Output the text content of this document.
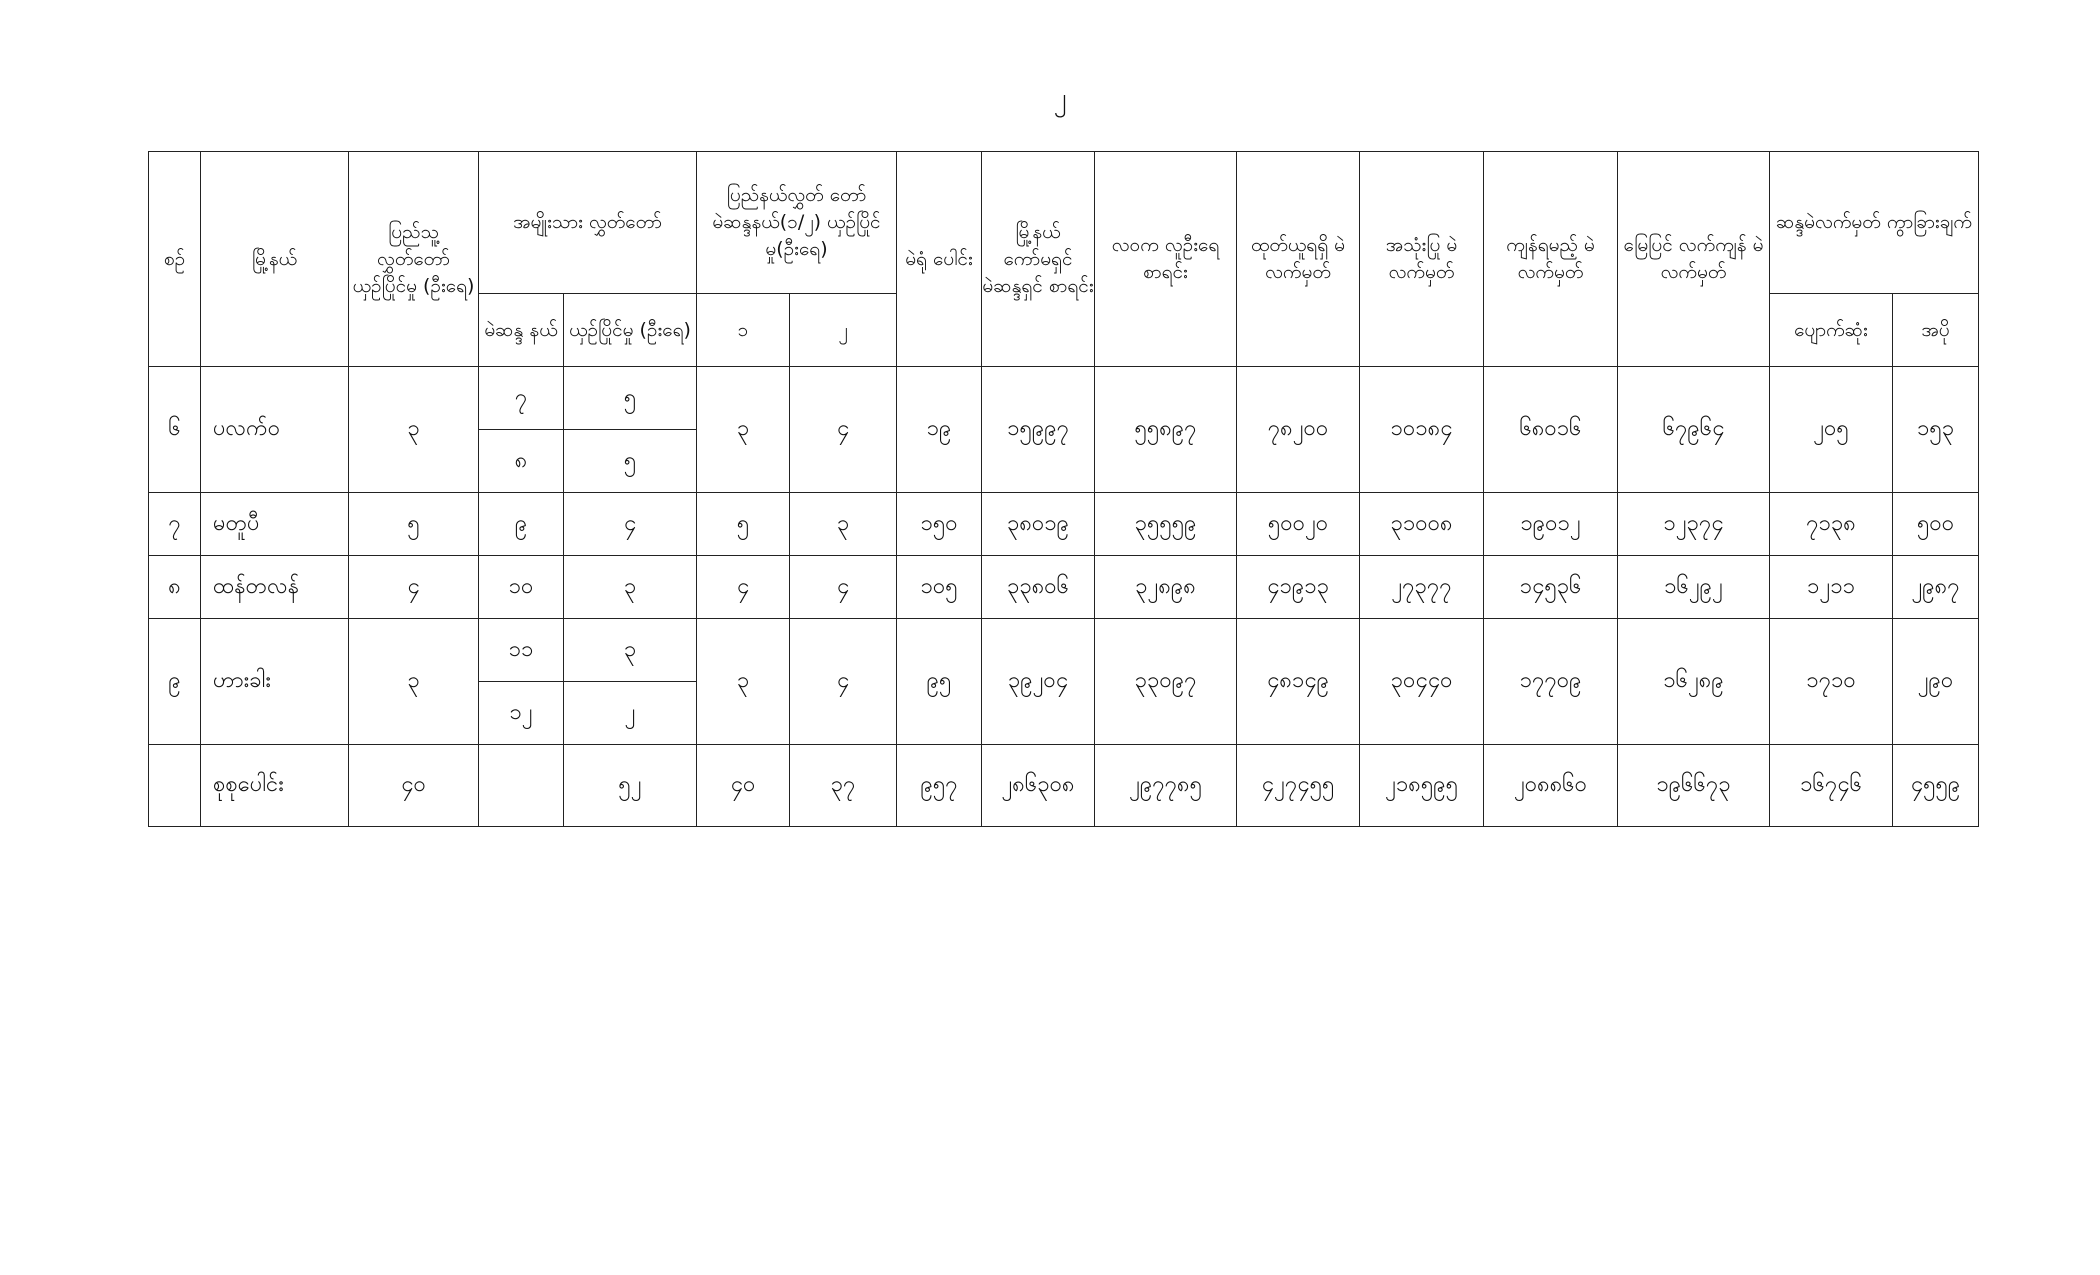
၂
စဉ်	မြို့နယ်	ပြည်သူ့ လွှတ်တော် ယှဉ်ပြိုင်မှု (ဦးရေ)	အမျိုးသား လွှတ်တော်		ပြည်နယ်လွှတ် တော် မဲဆန္ဒနယ်(၁/၂) ယှဉ်ပြိုင်မှု(ဦးရေ)		မဲရုံ ပေါင်း	မြို့နယ် ကော်မရှင် မဲဆန္ဒရှင် စာရင်း	လဝက လူဦးရေ စာရင်း	ထုတ်ယူရရှိ မဲလက်မှတ်	အသုံးပြု မဲလက်မှတ်	ကျန်ရမည့် မဲလက်မှတ်	မြေပြင် လက်ကျန် မဲလက်မှတ်	ဆန္ဒမဲလက်မှတ် ကွာခြားချက်	
			မဲဆန္ဒ နယ်	ယှဉ်ပြိုင်မှု (ဦးရေ)	၁	၂								ပျောက်ဆုံး	အပို
၆	ပလက်ဝ	၃	၇	၅	၃	၄	၁၉	၁၅၉၉၇	၅၅၈၉၇	၇၈၂၀၀	၁၀၁၈၄	၆၈၀၁၆	၆၇၉၆၄	၂၀၅	၁၅၃
			၈	၅											
၇	မတူပီ	၅	၉	၄	၅	၃	၁၅၀	၃၈၀၁၉	၃၅၅၅၉	၅၀၀၂၀	၃၁၀၀၈	၁၉၀၁၂	၁၂၃၇၄	၇၁၃၈	၅၀၀
၈	ထန်တလန်	၄	၁၀	၃	၄	၄	၁၀၅	၃၃၈၀၆	၃၂၈၉၈	၄၁၉၁၃	၂၇၃၇၇	၁၄၅၃၆	၁၆၂၉၂	၁၂၁၁	၂၉၈၇
၉	ဟားခါး	၃	၁၁	၃	၃	၄	၉၅	၃၉၂၀၄	၃၃၀၉၇	၄၈၁၄၉	၃၀၄၄၀	၁၇၇၀၉	၁၆၂၈၉	၁၇၁၀	၂၉၀
			၁၂	၂											
	စုစုပေါင်း	၄၀		၅၂	၄၀	၃၇	၉၅၇	၂၈၆၃၀၈	၂၉၇၇၈၅	၄၂၇၄၅၅	၂၁၈၅၉၅	၂၀၈၈၆၀	၁၉၆၆၇၃	၁၆၇၄၆	၄၅၅၉
